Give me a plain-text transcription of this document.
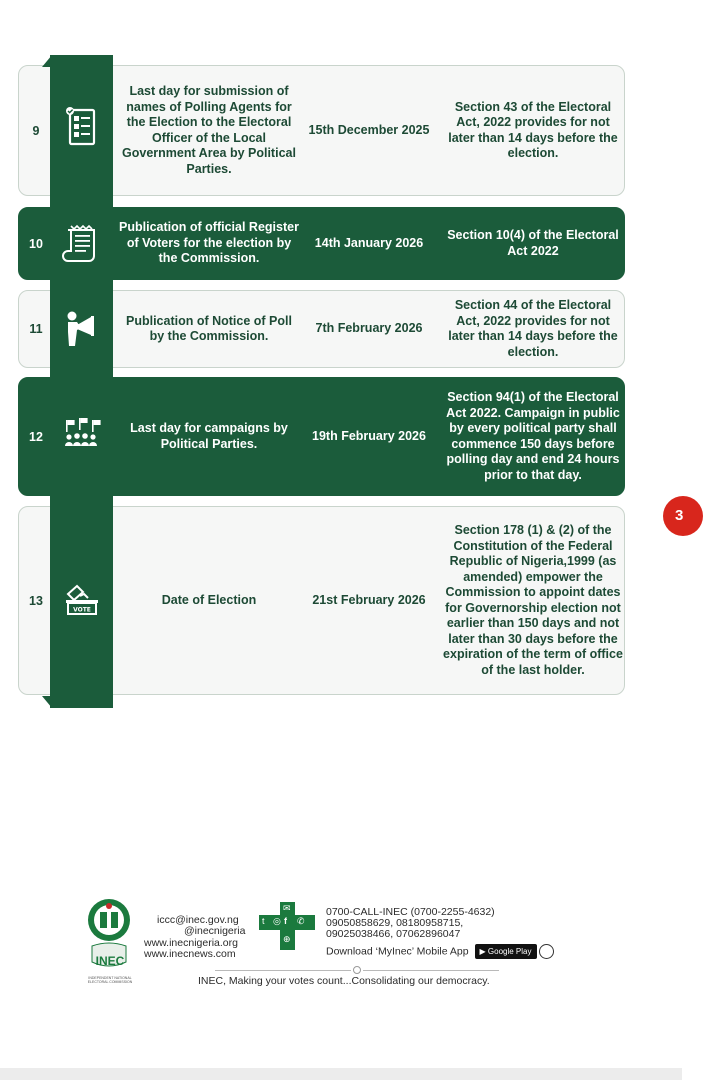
9
Last day for submission of names of Polling Agents for the Election to the Electoral Officer of the Local Government Area by Political Parties.
15th December 2025
Section 43 of the Electoral Act, 2022 provides for not later than 14 days before the election.
10
Publication of official Register of Voters for the election by the Commission.
14th January 2026
Section 10(4) of the Electoral Act 2022
11
Publication of Notice of Poll by the Commission.
7th February 2026
Section 44 of the Electoral Act, 2022 provides for not later than 14 days before the election.
12
Last day for campaigns by Political Parties.
19th February 2026
Section 94(1) of the Electoral Act 2022. Campaign in public by every political party shall commence 150 days before polling day and end 24 hours prior to that day.
13	Date of Election	21st February 2026
Section 178 (1) & (2) of the Constitution of the Federal Republic of Nigeria,1999 (as amended) empower the Commission to appoint dates for Governorship election not earlier than 150 days and not later than 30 days before the expiration of the term of office of the last holder.
VOTE
3
INEC
INDEPENDENT NATIONAL ELECTORAL COMMISSION
iccc@inec.gov.ng
@inecnigeria
www.inecnigeria.org
www.inecnews.com
t ◎ f ✆
✉
⊕
0700-CALL-INEC (0700-2255-4632)
09050858629, 08180958715,
09025038466, 07062896047
Download ‘MyInec’ Mobile App ▶ Google Play
INEC, Making your votes count...Consolidating our democracy.
